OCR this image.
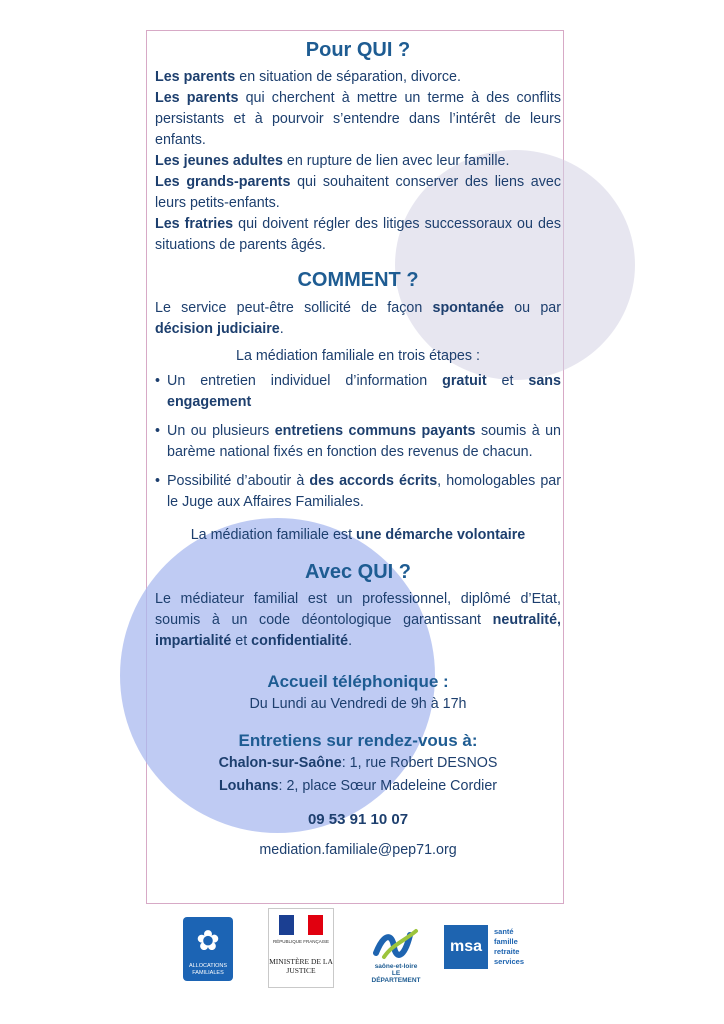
Pour QUI ?

Les parents en situation de séparation, divorce.

Les parents qui cherchent à mettre un terme à des conflits persistants et à pourvoir s’entendre dans l’intérêt de leurs enfants.

Les jeunes adultes en rupture de lien avec leur famille.

Les grands-parents qui souhaitent conserver des liens avec leurs petits-enfants.

Les fratries qui doivent régler des litiges successoraux ou des situations de parents âgés.

COMMENT ?

Le service peut-être sollicité de façon spontanée ou par décision judiciaire.

La médiation familiale en trois étapes :

• Un entretien individuel d’information gratuit et sans engagement
• Un ou plusieurs entretiens communs payants soumis à un barème national fixés en fonction des revenus de chacun.
• Possibilité d’aboutir à des accords écrits, homologables par le Juge aux Affaires Familiales.

La médiation familiale est une démarche volontaire

Avec QUI ?

Le médiateur familial est un professionnel, diplômé d’Etat, soumis à un code déontologique garantissant neutralité, impartialité et confidentialité.

Accueil téléphonique :

Du Lundi au Vendredi de 9h à 17h

Entretiens sur rendez-vous à:

Chalon-sur-Saône: 1, rue Robert DESNOS

Louhans: 2, place Sœur Madeleine Cordier

09 53 91 10 07

mediation.familiale@pep71.org

✿
ALLOCATIONS FAMILIALES
RÉPUBLIQUE FRANÇAISE
MINISTÈRE DE LA JUSTICE	saône-et-loire LE DÉPARTEMENT
msa
santé famille retraite services
